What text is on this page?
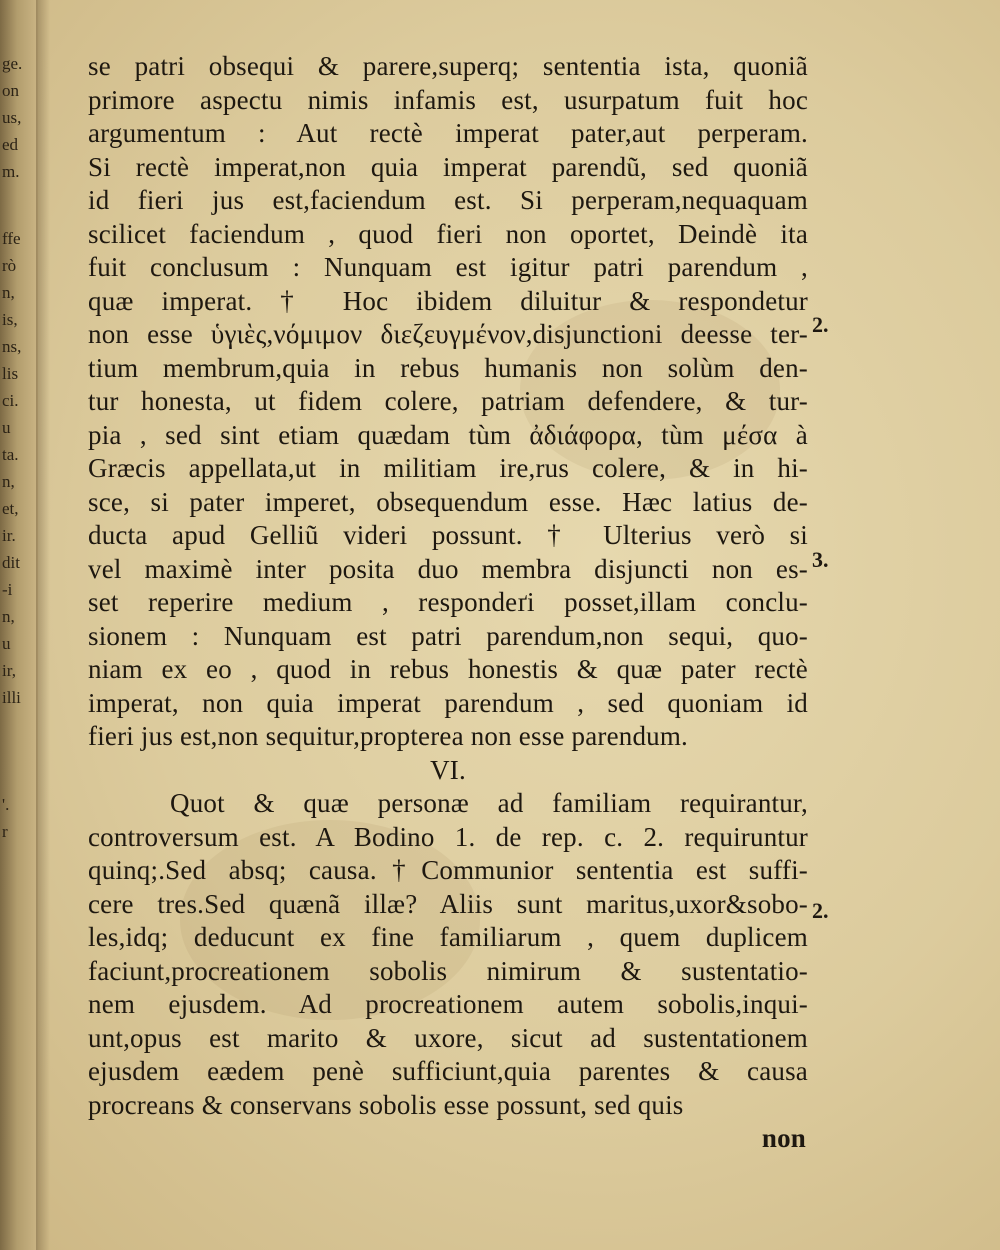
ge.
on
us,
ed
m.
ffe
rò
n,
is,
ns,
lis
ci.
u
ta.
n,
et,
ir.
dit
-i
n,
u
ir,
illi
'.
r
se patri obsequi & parere,superq; sententia ista, quoniã
primore aspectu nimis infamis est, usurpatum fuit hoc
argumentum : Aut rectè imperat pater,aut perperam.
Si rectè imperat,non quia imperat parendũ, sed quoniã
id fieri jus est,faciendum est. Si perperam,nequaquam
scilicet faciendum , quod fieri non oportet, Deindè ita
fuit conclusum : Nunquam est igitur patri parendum ,
quæ imperat. † Hoc ibidem diluitur & respondetur
non esse ὑγιὲς,νόμιμον διεζευγμένον,disjunctioni deesse ter-
tium membrum,quia in rebus humanis non solùm den-
tur honesta, ut fidem colere, patriam defendere, & tur-
pia , sed sint etiam quædam tùm ἀδιάφορα, tùm μέσα à
Græcis appellata,ut in militiam ire,rus colere, & in hi-
sce, si pater imperet, obsequendum esse. Hæc latius de-
ducta apud Gelliũ videri possunt. † Ulterius verò si
vel maximè inter posita duo membra disjuncti non es-
set reperire medium , respondeґi posset,illam conclu-
sionem : Nunquam est patri parendum,non sequi, quo-
niam ex eo , quod in rebus honestis & quæ pater rectè
imperat, non quia imperat parendum , sed quoniam id
fieri jus est,non sequitur,propterea non esse parendum.
VI.
Quot & quæ personæ ad familiam requirantur,
controversum est. A Bodino 1. de rep. c. 2. requiruntur
quinq;.Sed absq; causa.†Communior sententia est suffi-
cere tres.Sed quænã illæ? Aliis sunt maritus,uxor&sobo-
les,idq; deducunt ex fine familiarum , quem duplicem
faciunt,procreationem sobolis nimirum & sustentatio-
nem ejusdem. Ad procreationem autem sobolis,inqui-
unt,opus est marito & uxore, sicut ad sustentationem
ejusdem eædem penè sufficiunt,quia parentes & causa
procreans & conservans sobolis esse possunt, sed quis
non
2.
3.
2.
